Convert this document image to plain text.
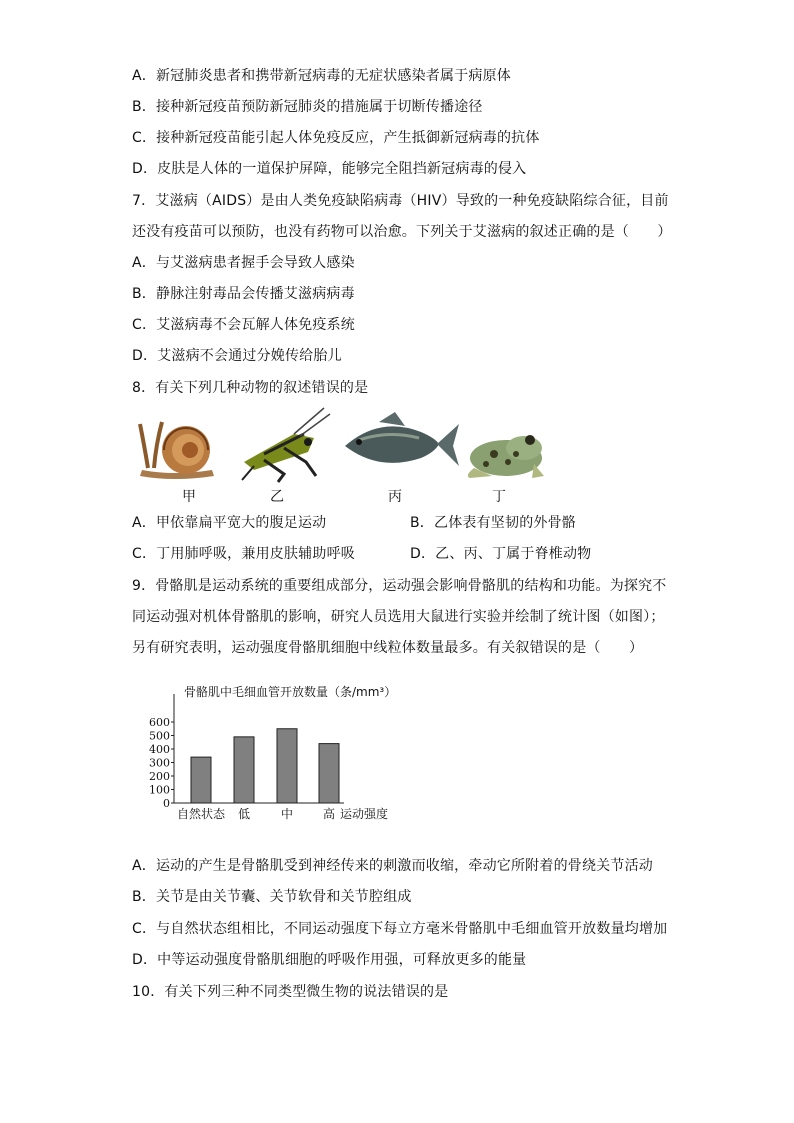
A．新冠肺炎患者和携带新冠病毒的无症状感染者属于病原体
B．接种新冠疫苗预防新冠肺炎的措施属于切断传播途径
C．接种新冠疫苗能引起人体免疫反应，产生抵御新冠病毒的抗体
D．皮肤是人体的一道保护屏障，能够完全阻挡新冠病毒的侵入
7．艾滋病（AIDS）是由人类免疫缺陷病毒（HIV）导致的一种免疫缺陷综合征，目前
还没有疫苗可以预防，也没有药物可以治愈。下列关于艾滋病的叙述正确的是（　　）
A．与艾滋病患者握手会导致人感染
B．静脉注射毒品会传播艾滋病病毒
C．艾滋病毒不会瓦解人体免疫系统
D．艾滋病不会通过分娩传给胎儿
8．有关下列几种动物的叙述错误的是
甲	乙	丙	丁
A．甲依靠扁平宽大的腹足运动	B．乙体表有坚韧的外骨骼
C．丁用肺呼吸，兼用皮肤辅助呼吸	D．乙、丙、丁属于脊椎动物
9．骨骼肌是运动系统的重要组成部分，运动强会影响骨骼肌的结构和功能。为探究不
同运动强对机体骨骼肌的影响，研究人员选用大鼠进行实验并绘制了统计图（如图）；
另有研究表明，运动强度骨骼肌细胞中线粒体数量最多。有关叙错误的是（　　）
骨骼肌中毛细血管开放数量（条/mm³）
0
100
200
300
400
500
600
自然状态 低	中 高 运动强度
A．运动的产生是骨骼肌受到神经传来的刺激而收缩，牵动它所附着的骨绕关节活动
B．关节是由关节囊、关节软骨和关节腔组成
C．与自然状态组相比，不同运动强度下每立方毫米骨骼肌中毛细血管开放数量均增加
D．中等运动强度骨骼肌细胞的呼吸作用强，可释放更多的能量
10．有关下列三种不同类型微生物的说法错误的是
